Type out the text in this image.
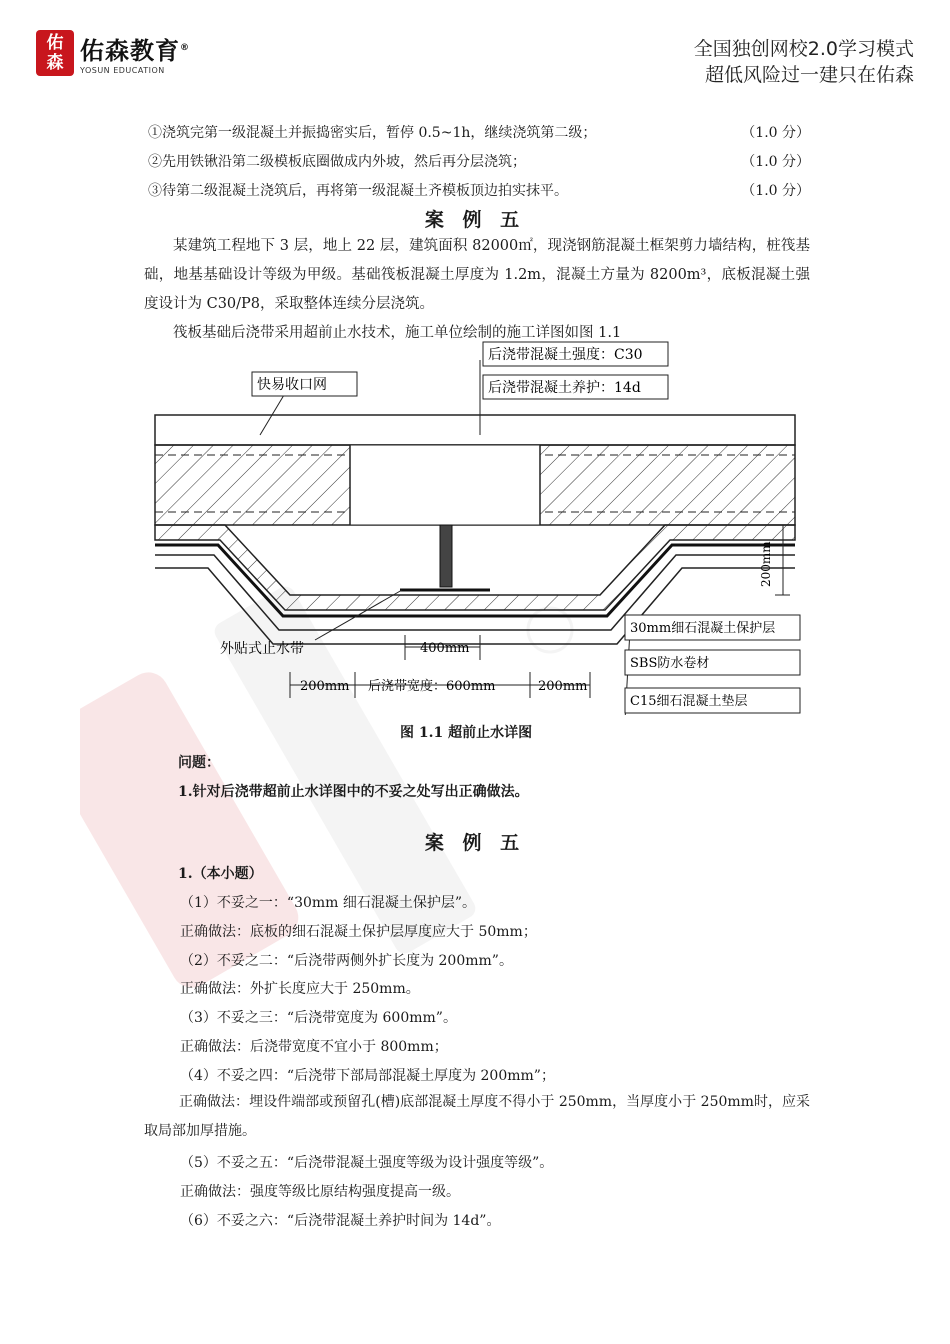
佑
森 佑森教育®
YOSUN EDUCATION
全国独创网校2.0学习模式
超低风险过一建只在佑森
①浇筑完第一级混凝土并振捣密实后，暂停 0.5~1h，继续浇筑第二级；	（1.0 分）
②先用铁锹沿第二级模板底圈做成内外坡，然后再分层浇筑；	（1.0 分）
③待第二级混凝土浇筑后，再将第一级混凝土齐模板顶边拍实抹平。	（1.0 分）
案 例 五
某建筑工程地下 3 层，地上 22 层，建筑面积 82000㎡，现浇钢筋混凝土框架剪力墙结构，桩筏基础，地基基础设计等级为甲级。基础筏板混凝土厚度为 1.2m，混凝土方量为 8200m³，底板混凝土强度设计为 C30/P8，采取整体连续分层浇筑。
筏板基础后浇带采用超前止水技术，施工单位绘制的施工详图如图 1.1
后浇带混凝土强度：C30
后浇带混凝土养护：14d
快易收口网
外贴式止水带	400mm
200mm 后浇带宽度：600mm	200mm
200mm
30mm细石混凝土保护层
SBS防水卷材
C15细石混凝土垫层
图 1.1 超前止水详图
问题：
1.针对后浇带超前止水详图中的不妥之处写出正确做法。
案 例 五
1.（本小题）
（1）不妥之一：“30mm 细石混凝土保护层”。
正确做法：底板的细石混凝土保护层厚度应大于 50mm；
（2）不妥之二：“后浇带两侧外扩长度为 200mm”。
正确做法：外扩长度应大于 250mm。
（3）不妥之三：“后浇带宽度为 600mm”。
正确做法：后浇带宽度不宜小于 800mm；
（4）不妥之四：“后浇带下部局部混凝土厚度为 200mm”；
正确做法：埋设件端部或预留孔(槽)底部混凝土厚度不得小于 250mm，当厚度小于 250mm时，应采取局部加厚措施。
（5）不妥之五：“后浇带混凝土强度等级为设计强度等级”。
正确做法：强度等级比原结构强度提高一级。
（6）不妥之六：“后浇带混凝土养护时间为 14d”。
